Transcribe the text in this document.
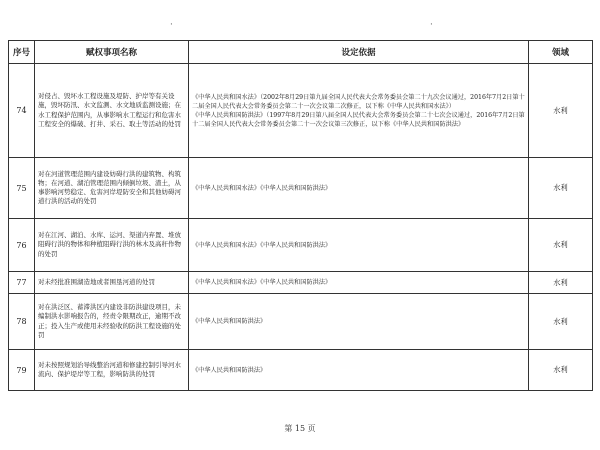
·	·
序号	赋权事项名称	设定依据	领域
74	对侵占、毁坏水工程设施及堤防、护岸等有关设施，毁坏防汛、水文监测、水文地质监测设施；在水工程保护范围内，从事影响水工程运行和危害水工程安全的爆破、打井、采石、取土等活动的处罚	《中华人民共和国水法》（2002年8月29日第九届全国人民代表大会常务委员会第二十九次会议通过，2016年7月2日第十二届全国人民代表大会常务委员会第二十一次会议第二次修正，以下称《中华人民共和国水法》）
《中华人民共和国防洪法》（1997年8月29日第八届全国人民代表大会常务委员会第二十七次会议通过，2016年7月2日第十二届全国人民代表大会常务委员会第二十一次会议第三次修正，以下称《中华人民共和国防洪法》	水利
75	对在河道管理范围内建设妨碍行洪的建筑物、构筑物；在河道、湖泊管理范围内倾倒垃圾、渣土，从事影响河势稳定、危害河岸堤防安全和其他妨碍河道行洪的活动的处罚	《中华人民共和国水法》《中华人民共和国防洪法》	水利
76	对在江河、湖泊、水库、运河、渠道内弃置、堆放阻碍行洪的物体和种植阻碍行洪的林木及高秆作物的处罚	《中华人民共和国水法》《中华人民共和国防洪法》	水利
77	对未经批准围湖造地或者围垦河道的处罚	《中华人民共和国水法》《中华人民共和国防洪法》	水利
78	对在洪泛区、蓄滞洪区内建设非防洪建设项目，未编制洪水影响报告的，经责令限期改正，逾期不改正；投入生产或使用未经验收的防洪工程设施的处罚	《中华人民共和国防洪法》	水利
79	对未按照规划治导线整治河道和修建控制引导河水流向、保护堤岸等工程，影响防洪的处罚	《中华人民共和国防洪法》	水利
第 15 页
